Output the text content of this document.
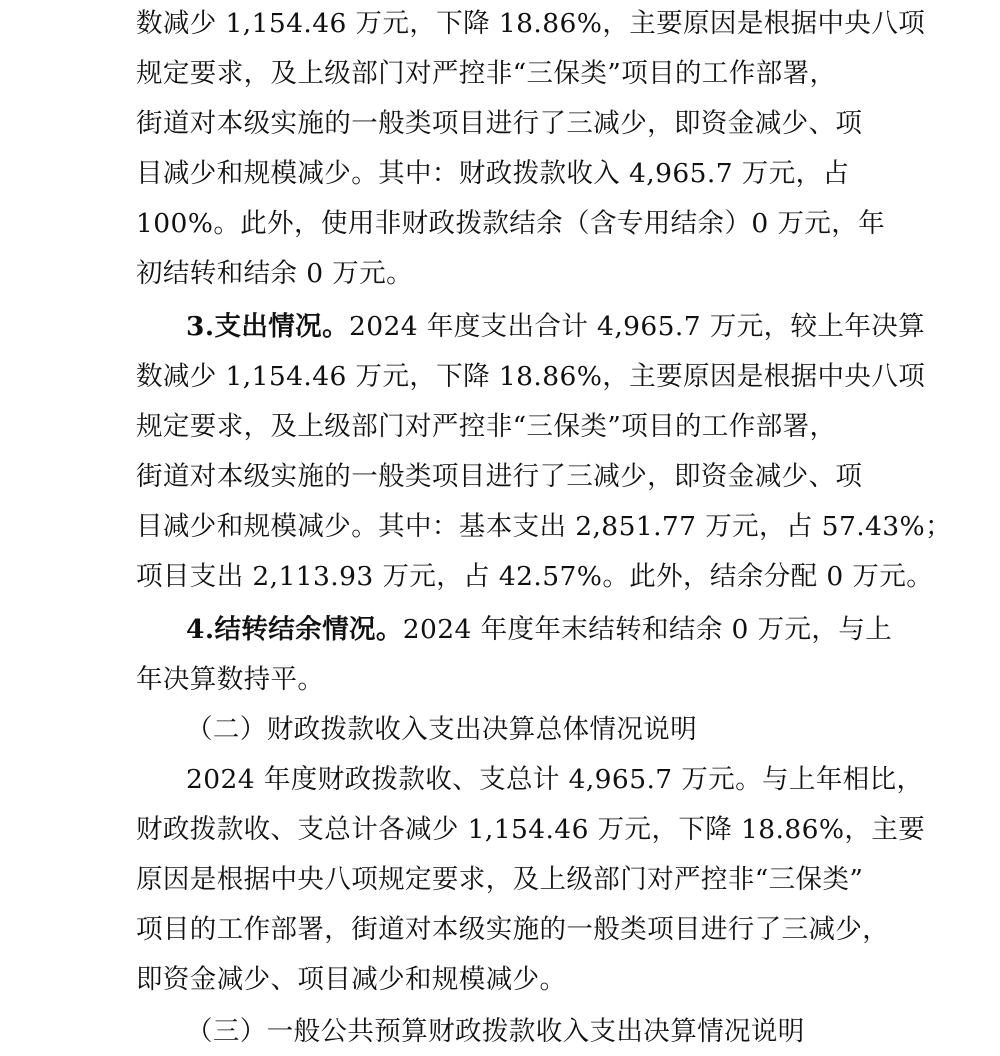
数减少 1,154.46 万元，下降 18.86%，主要原因是根据中央八项
规定要求，及上级部门对严控非“三保类”项目的工作部署，
街道对本级实施的一般类项目进行了三减少，即资金减少、项
目减少和规模减少。其中：财政拨款收入 4,965.7 万元，占
100%。此外，使用非财政拨款结余（含专用结余）0 万元，年
初结转和结余 0 万元。
3.支出情况。2024 年度支出合计 4,965.7 万元，较上年决算
数减少 1,154.46 万元，下降 18.86%，主要原因是根据中央八项
规定要求，及上级部门对严控非“三保类”项目的工作部署，
街道对本级实施的一般类项目进行了三减少，即资金减少、项
目减少和规模减少。其中：基本支出 2,851.77 万元，占 57.43%；
项目支出 2,113.93 万元，占 42.57%。此外，结余分配 0 万元。
4.结转结余情况。2024 年度年末结转和结余 0 万元，与上
年决算数持平。
（二）财政拨款收入支出决算总体情况说明
2024 年度财政拨款收、支总计 4,965.7 万元。与上年相比，
财政拨款收、支总计各减少 1,154.46 万元，下降 18.86%，主要
原因是根据中央八项规定要求，及上级部门对严控非“三保类”
项目的工作部署，街道对本级实施的一般类项目进行了三减少，
即资金减少、项目减少和规模减少。
（三）一般公共预算财政拨款收入支出决算情况说明
